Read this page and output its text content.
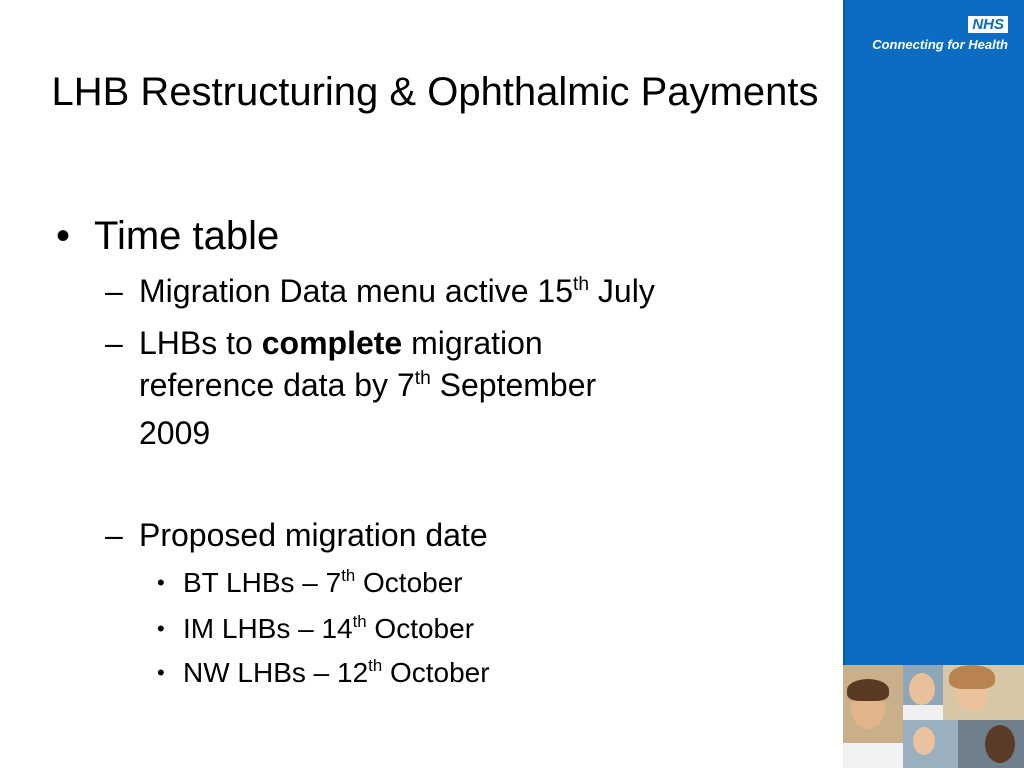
LHB Restructuring & Ophthalmic Payments
• Time table
– Migration Data menu active 15th July
– LHBs to complete migration
reference data by 7th September
2009
– Proposed migration date
• BT LHBs – 7th October
• IM LHBs – 14th October
• NW LHBs – 12th October
NHS
Connecting for Health
